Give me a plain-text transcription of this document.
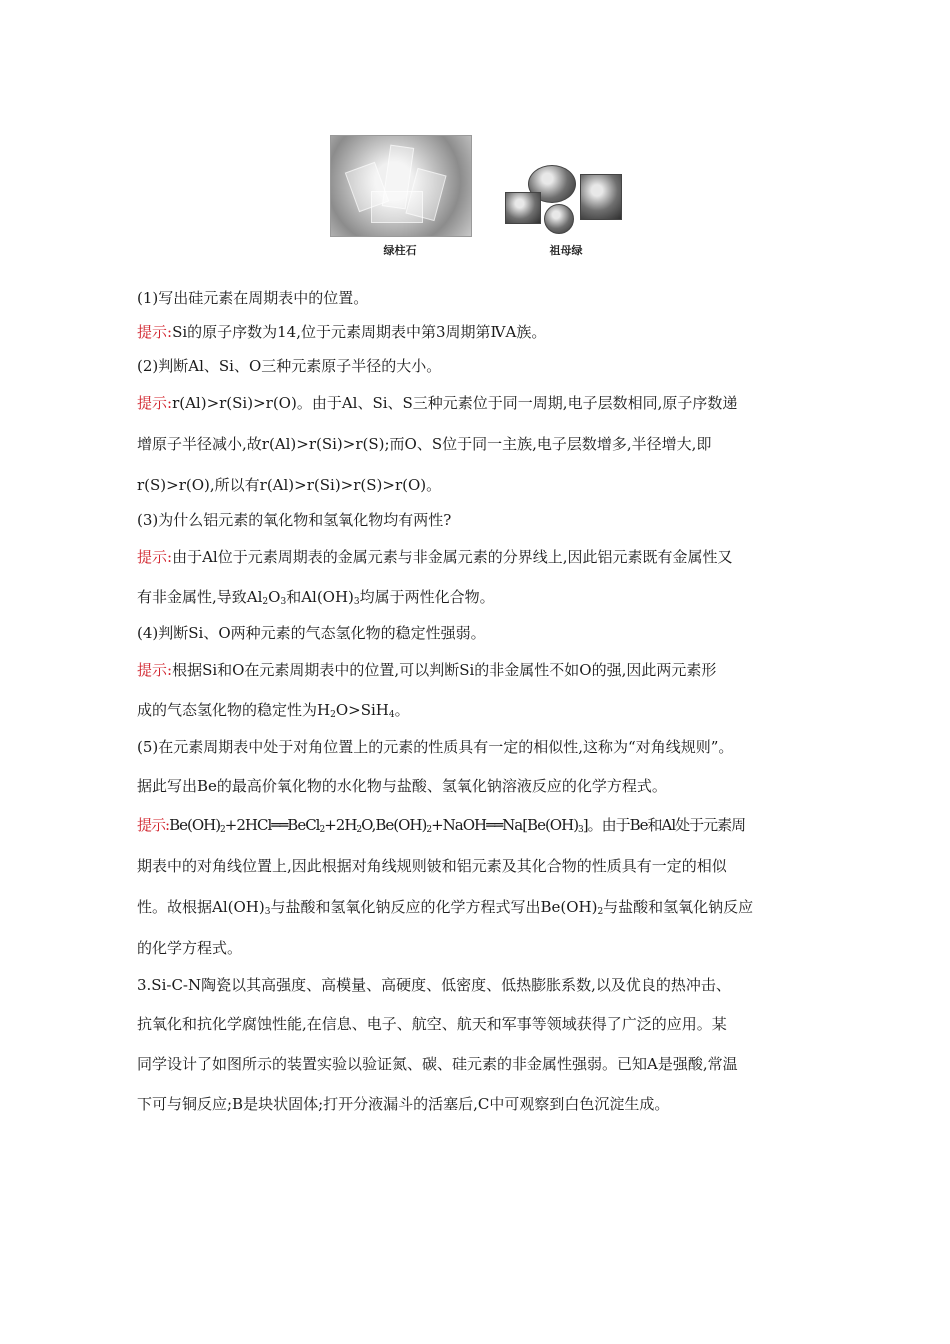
绿柱石	祖母绿
(1)写出硅元素在周期表中的位置。
提示:Si的原子序数为14,位于元素周期表中第3周期第ⅣA族。
(2)判断Al、Si、O三种元素原子半径的大小。
提示:r(Al)>r(Si)>r(O)。由于Al、Si、S三种元素位于同一周期,电子层数相同,原子序数递
增原子半径减小,故r(Al)>r(Si)>r(S);而O、S位于同一主族,电子层数增多,半径增大,即
r(S)>r(O),所以有r(Al)>r(Si)>r(S)>r(O)。
(3)为什么铝元素的氧化物和氢氧化物均有两性?
提示:由于Al位于元素周期表的金属元素与非金属元素的分界线上,因此铝元素既有金属性又
有非金属性,导致$Al_2O_3$和$Al(OH)_3$均属于两性化合物。
(4)判断Si、O两种元素的气态氢化物的稳定性强弱。
提示:根据Si和O在元素周期表中的位置,可以判断Si的非金属性不如O的强,因此两元素形
成的气态氢化物的稳定性为$H_2O>SiH_4$。
(5)在元素周期表中处于对角位置上的元素的性质具有一定的相似性,这称为“对角线规则”。
据此写出Be的最高价氧化物的水化物与盐酸、氢氧化钠溶液反应的化学方程式。
提示$:Be(OH)_2+2HCl══BeCl_2+2H_2O,Be(OH)_2+NaOH══Na[Be(OH)_3]$。由于Be和Al处于元素周
期表中的对角线位置上,因此根据对角线规则铍和铝元素及其化合物的性质具有一定的相似
性。故根据$Al(OH)_3$与盐酸和氢氧化钠反应的化学方程式写出$Be(OH)_2$与盐酸和氢氧化钠反应
的化学方程式。
3.Si-C-N陶瓷以其高强度、高模量、高硬度、低密度、低热膨胀系数,以及优良的热冲击、
抗氧化和抗化学腐蚀性能,在信息、电子、航空、航天和军事等领域获得了广泛的应用。某
同学设计了如图所示的装置实验以验证氮、碳、硅元素的非金属性强弱。已知A是强酸,常温
下可与铜反应;B是块状固体;打开分液漏斗的活塞后,C中可观察到白色沉淀生成。
